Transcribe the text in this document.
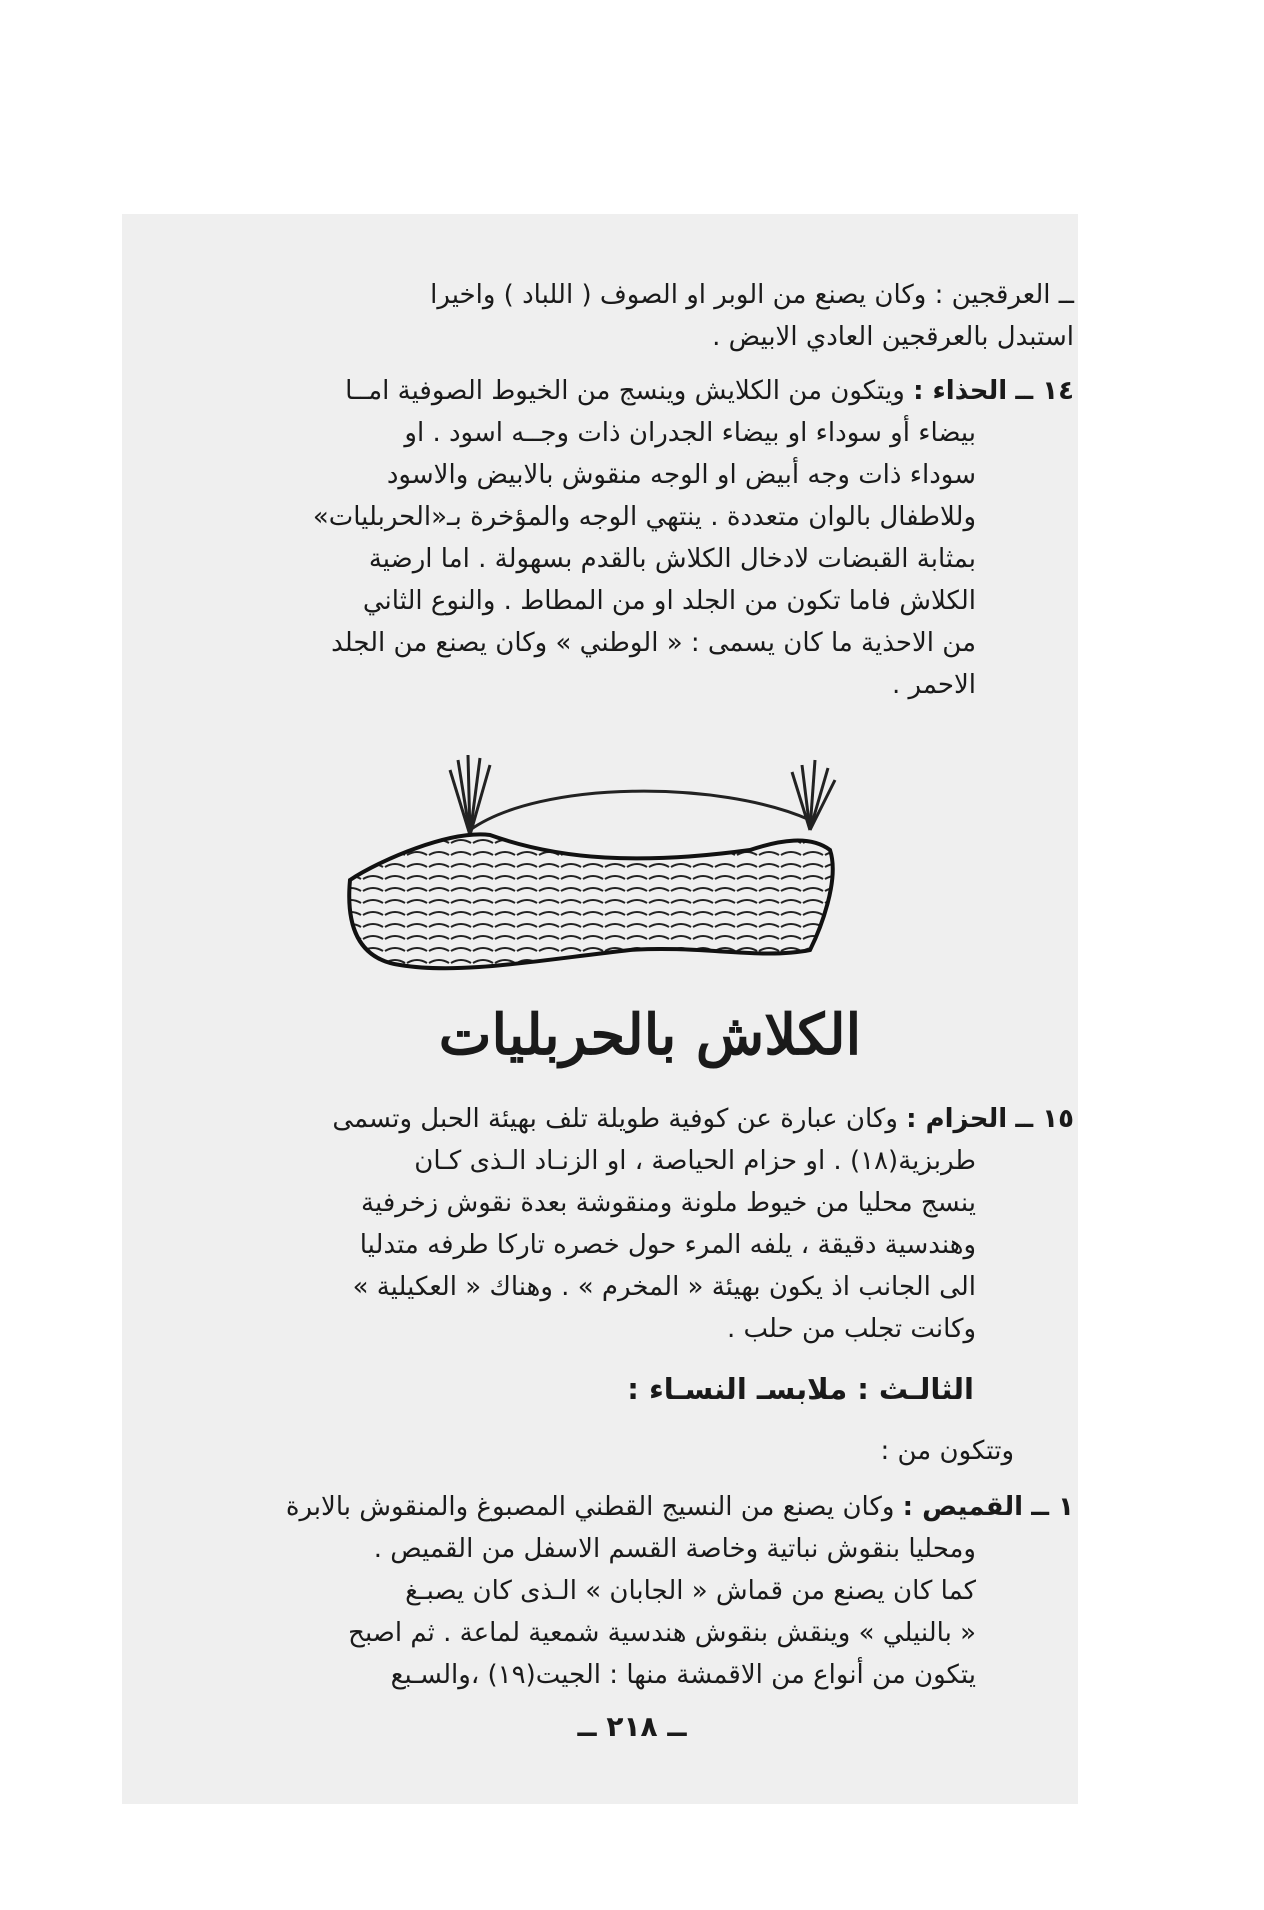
ــ العرقجين : وكان يصنع من الوبر او الصوف ( اللباد ) واخيرا
استبدل بالعرقجين العادي الابيض .
١٤ ــ الحذاء : ويتكون من الكلايش وينسج من الخيوط الصوفية امــا
بيضاء أو سوداء او بيضاء الجدران ذات وجــه اسود . او
سوداء ذات وجه أبيض او الوجه منقوش بالابيض والاسود
وللاطفال بالوان متعددة . ينتهي الوجه والمؤخرة بـ«الحربليات»
بمثابة القبضات لادخال الكلاش بالقدم بسهولة . اما ارضية
الكلاش فاما تكون من الجلد او من المطاط . والنوع الثاني
من الاحذية ما كان يسمى : « الوطني » وكان يصنع من الجلد
الاحمر .
الكلاش بالحربليات
١٥ ــ الحزام : وكان عبارة عن كوفية طويلة تلف بهيئة الحبل وتسمى
طربزية(١٨) . او حزام الحياصة ، او الزنـاد الـذى كـان
ينسج محليا من خيوط ملونة ومنقوشة بعدة نقوش زخرفية
وهندسية دقيقة ، يلفه المرء حول خصره تاركا طرفه متدليا
الى الجانب اذ يكون بهيئة « المخرم » . وهناك « العكيلية »
وكانت تجلب من حلب .
الثالـث : ملابسـ النسـاء :
وتتكون من :
١ ــ القميص : وكان يصنع من النسيج القطني المصبوغ والمنقوش بالابرة
ومحليا بنقوش نباتية وخاصة القسم الاسفل من القميص .
كما كان يصنع من قماش « الجابان » الـذى كان يصبـغ
« بالنيلي » وينقش بنقوش هندسية شمعية لماعة . ثم اصبح
يتكون من أنواع من الاقمشة منها : الجيت(١٩) ،والسـبع
ــ ٢١٨ ــ
